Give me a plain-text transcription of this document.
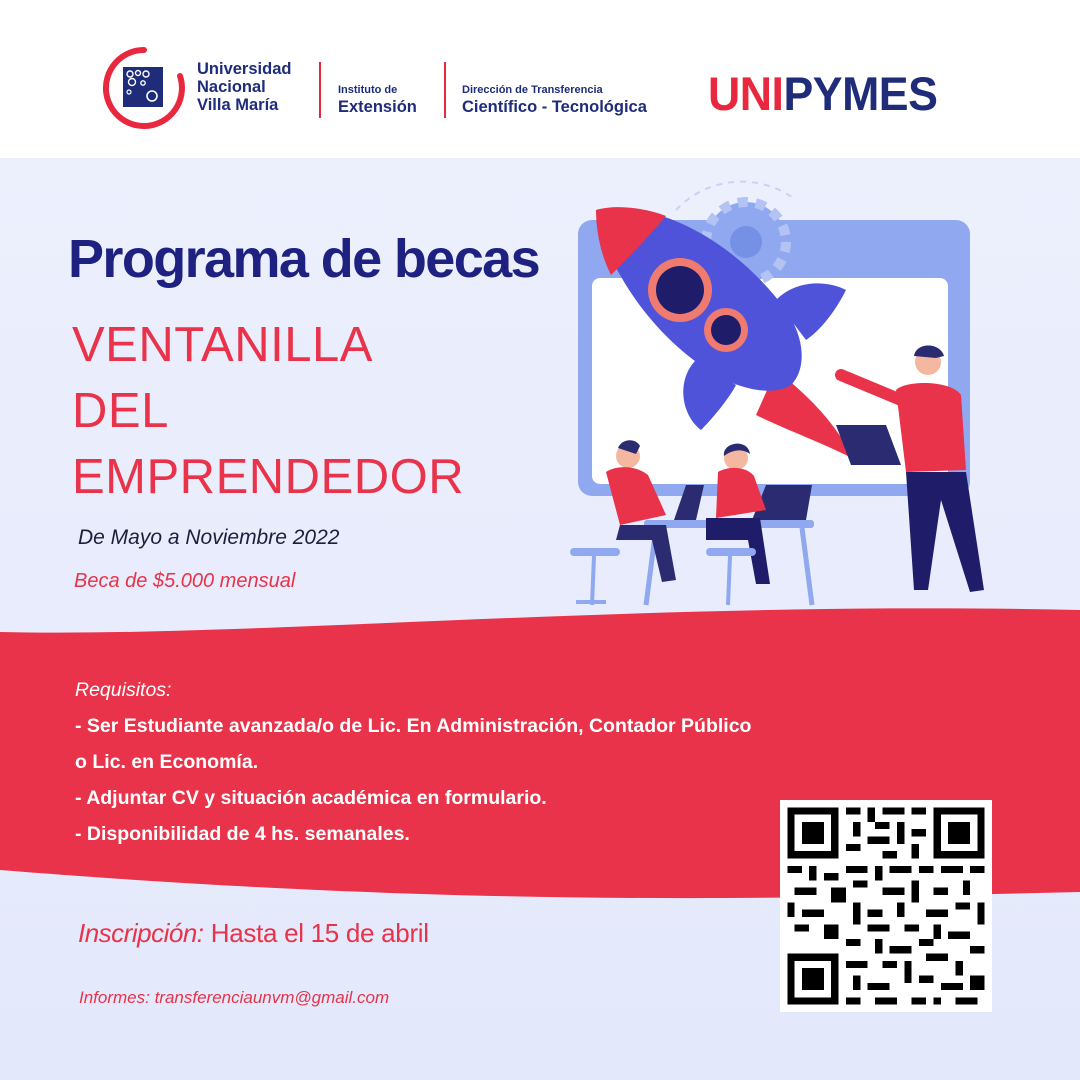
Universidad
Nacional
Villa María
Instituto de
Extensión
Dirección de Transferencia
Científico - Tecnológica UNIPYMES
Programa de becas
VENTANILLA
DEL
EMPRENDEDOR
De Mayo a Noviembre 2022
Beca de $5.000 mensual
Requisitos:
- Ser Estudiante avanzada/o de Lic. En Administración, Contador Público
o Lic. en Economía.
- Adjuntar CV y situación académica en formulario.
- Disponibilidad de 4 hs. semanales.
Inscripción: Hasta el 15 de abril
Informes: transferenciaunvm@gmail.com
